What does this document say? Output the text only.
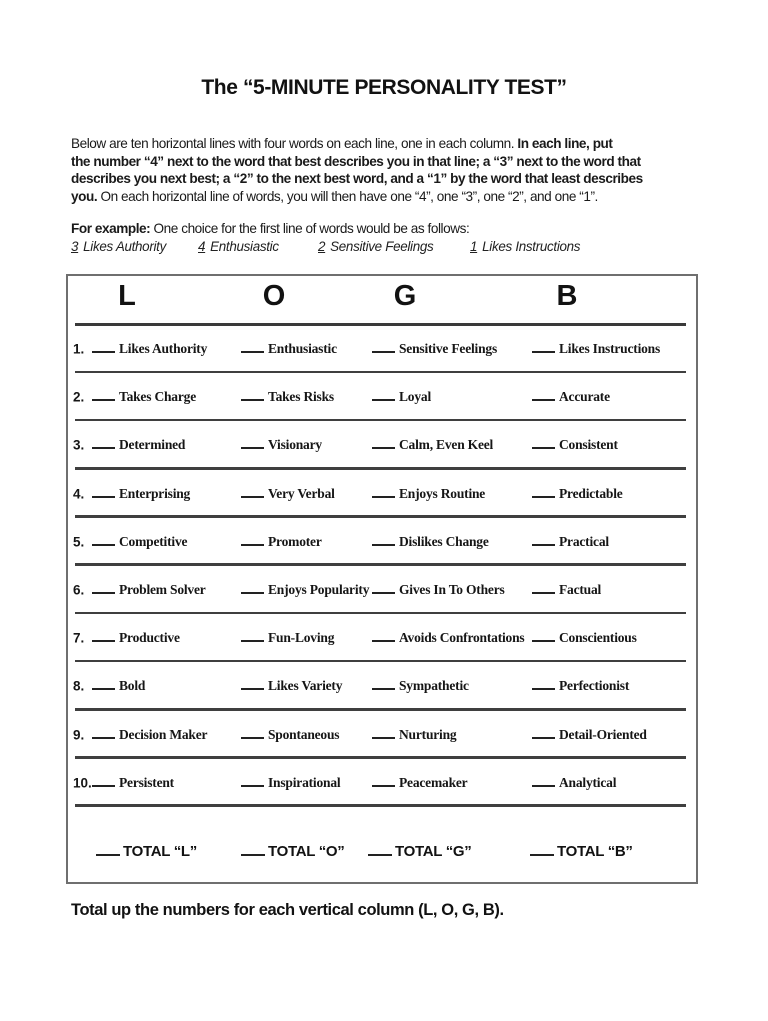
The “5-MINUTE PERSONALITY TEST”
Below are ten horizontal lines with four words on each line, one in each column. In each line, put
the number “4” next to the word that best describes you in that line; a “3” next to the word that
describes you next best; a “2” to the next best word, and a “1” by the word that least describes
you. On each horizontal line of words, you will then have one “4”, one “3”, one “2”, and one “1”.
For example: One choice for the first line of words would be as follows:
3 Likes Authority 4 Enthusiastic	2 Sensitive Feelings	1 Likes Instructions
L	O	G	B
1.	Likes Authority	Enthusiastic	Sensitive Feelings	Likes Instructions
2.	Takes Charge	Takes Risks	Loyal	Accurate
3.	Determined	Visionary	Calm, Even Keel	Consistent
4.	Enterprising	Very Verbal	Enjoys Routine	Predictable
5.	Competitive	Promoter	Dislikes Change	Practical
6.	Problem Solver	Enjoys Popularity	Gives In To Others	Factual
7.	Productive	Fun-Loving	Avoids Confrontations	Conscientious
8.	Bold	Likes Variety	Sympathetic	Perfectionist
9.	Decision Maker	Spontaneous	Nurturing	Detail-Oriented
10.	Persistent	Inspirational	Peacemaker	Analytical
TOTAL “L”	TOTAL “O”	TOTAL “G”	TOTAL “B”
Total up the numbers for each vertical column (L, O, G, B).
